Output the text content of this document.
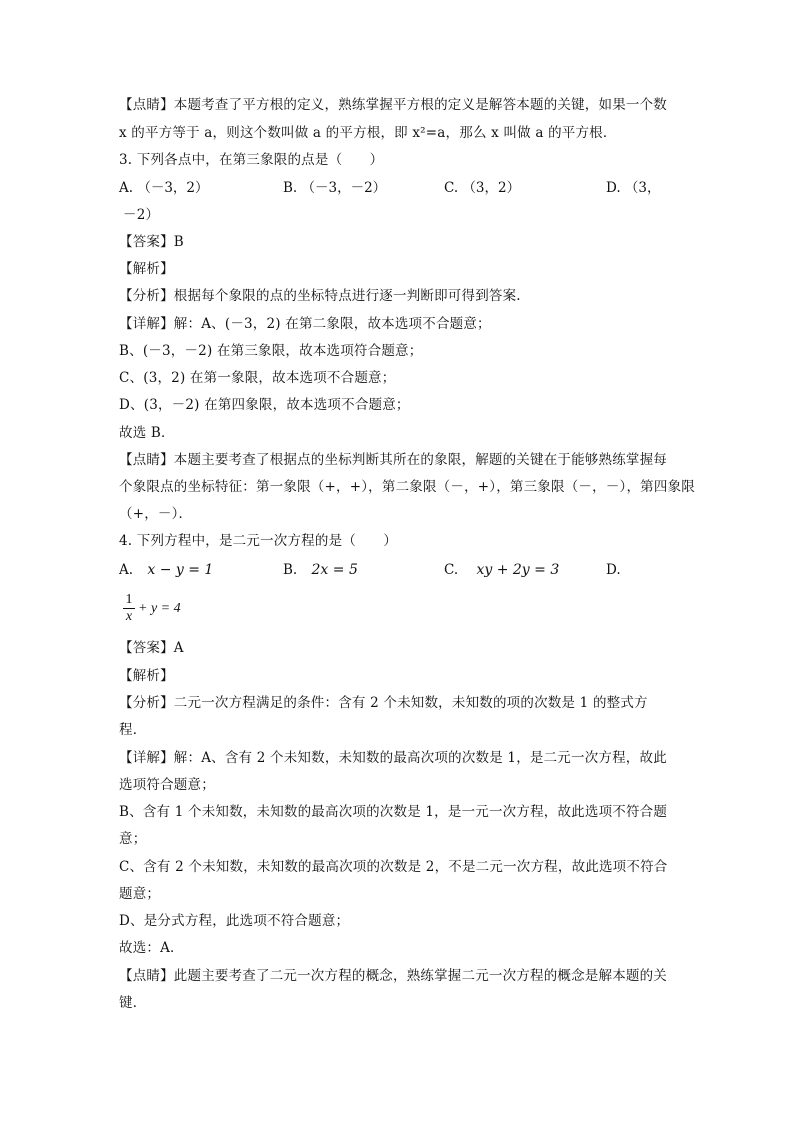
【点睛】本题考查了平方根的定义，熟练掌握平方根的定义是解答本题的关键，如果一个数
x 的平方等于 a，则这个数叫做 a 的平方根，即 x²=a，那么 x 叫做 a 的平方根．
3. 下列各点中，在第三象限的点是（　　）
A. （－3，2）	B. （－3，－2）	C. （3，2）	D. （3，
－2）
【答案】B
【解析】
【分析】根据每个象限的点的坐标特点进行逐一判断即可得到答案.
【详解】解：A、(－3，2) 在第二象限，故本选项不合题意；
B、(－3，－2) 在第三象限，故本选项符合题意；
C、(3，2) 在第一象限，故本选项不合题意；
D、(3，－2) 在第四象限，故本选项不合题意；
故选 B．
【点睛】本题主要考查了根据点的坐标判断其所在的象限，解题的关键在于能够熟练掌握每
个象限点的坐标特征：第一象限（+，+），第二象限（－，+），第三象限（－，－），第四象限
（+，－）．
4. 下列方程中，是二元一次方程的是（　　）
A. x − y = 1	B. 2x = 5	C. xy + 2y = 3	D.
1
x
+ y = 4
【答案】A
【解析】
【分析】二元一次方程满足的条件：含有 2 个未知数，未知数的项的次数是 1 的整式方
程．
【详解】解：A、含有 2 个未知数，未知数的最高次项的次数是 1，是二元一次方程，故此
选项符合题意；
B、含有 1 个未知数，未知数的最高次项的次数是 1，是一元一次方程，故此选项不符合题
意；
C、含有 2 个未知数，未知数的最高次项的次数是 2，不是二元一次方程，故此选项不符合
题意；
D、是分式方程，此选项不符合题意；
故选：A．
【点睛】此题主要考查了二元一次方程的概念，熟练掌握二元一次方程的概念是解本题的关
键．
